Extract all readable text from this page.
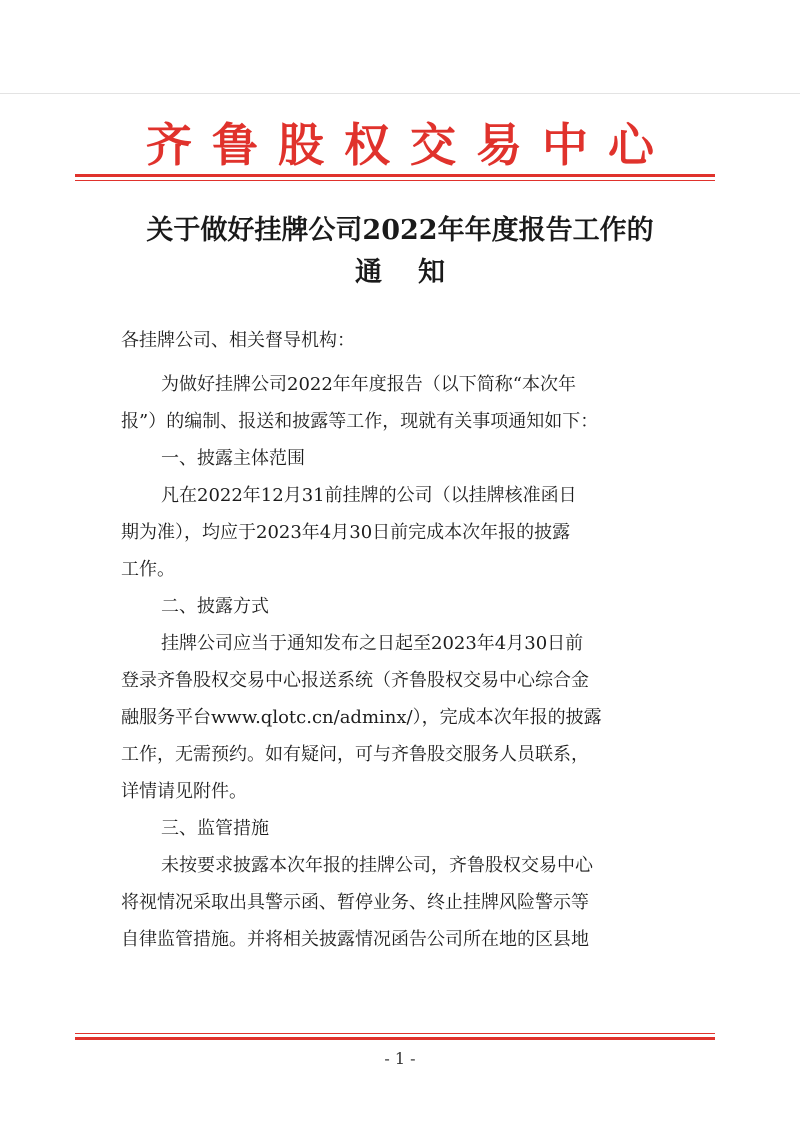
齐鲁股权交易中心
关于做好挂牌公司2022年年度报告工作的
通知
各挂牌公司、相关督导机构：
为做好挂牌公司2022年年度报告（以下简称“本次年
报”）的编制、报送和披露等工作，现就有关事项通知如下：
一、披露主体范围
凡在2022年12月31前挂牌的公司（以挂牌核准函日
期为准），均应于2023年4月30日前完成本次年报的披露
工作。
二、披露方式
挂牌公司应当于通知发布之日起至2023年4月30日前
登录齐鲁股权交易中心报送系统（齐鲁股权交易中心综合金
融服务平台www.qlotc.cn/adminx/），完成本次年报的披露
工作，无需预约。如有疑问，可与齐鲁股交服务人员联系，
详情请见附件。
三、监管措施
未按要求披露本次年报的挂牌公司，齐鲁股权交易中心
将视情况采取出具警示函、暂停业务、终止挂牌风险警示等
自律监管措施。并将相关披露情况函告公司所在地的区县地
- 1 -
